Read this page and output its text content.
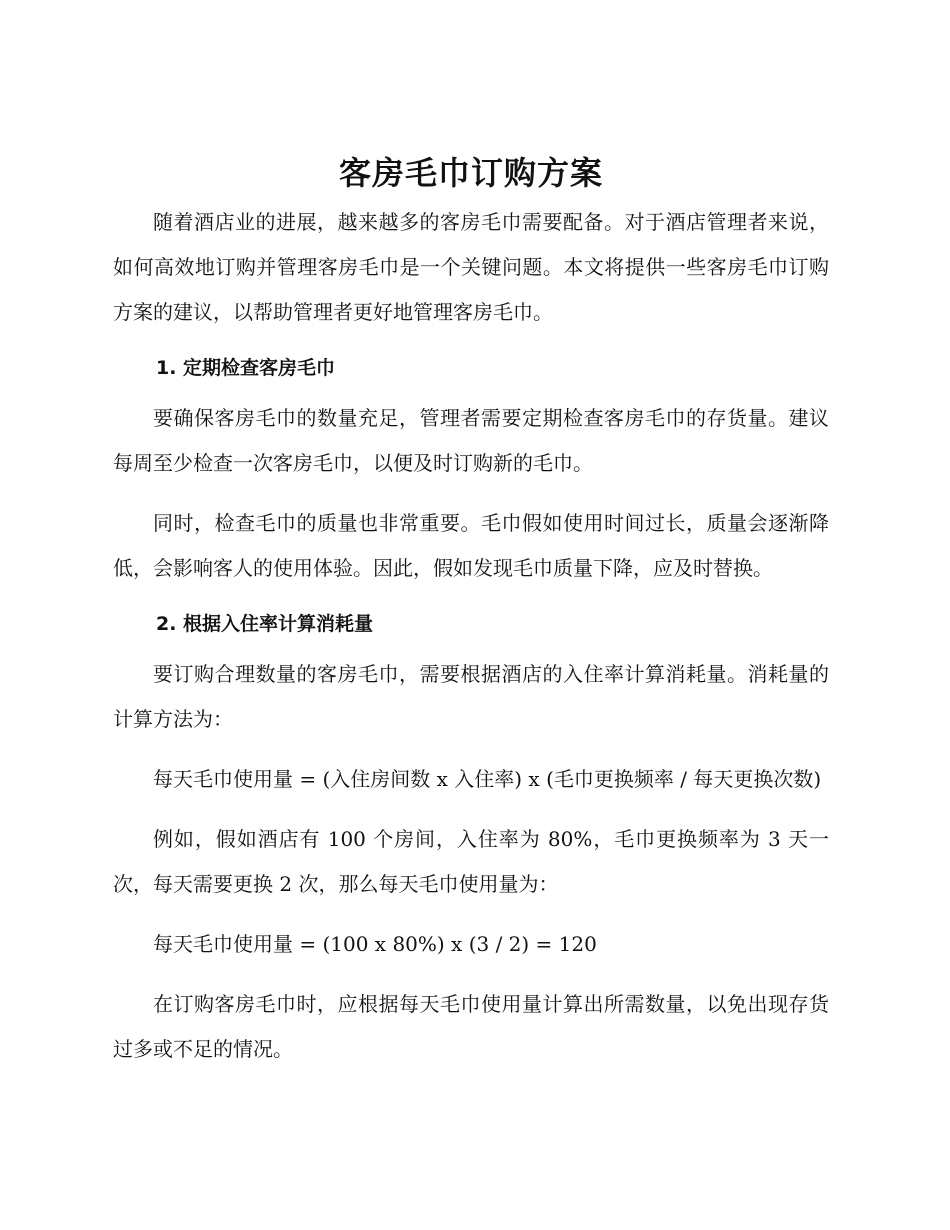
客房毛巾订购方案

随着酒店业的进展，越来越多的客房毛巾需要配备。对于酒店管理者来说，如何高效地订购并管理客房毛巾是一个关键问题。本文将提供一些客房毛巾订购方案的建议，以帮助管理者更好地管理客房毛巾。

1. 定期检查客房毛巾

要确保客房毛巾的数量充足，管理者需要定期检查客房毛巾的存货量。建议每周至少检查一次客房毛巾，以便及时订购新的毛巾。

同时，检查毛巾的质量也非常重要。毛巾假如使用时间过长，质量会逐渐降低，会影响客人的使用体验。因此，假如发现毛巾质量下降，应及时替换。

2. 根据入住率计算消耗量

要订购合理数量的客房毛巾，需要根据酒店的入住率计算消耗量。消耗量的计算方法为：

每天毛巾使用量 = (入住房间数 x 入住率) x (毛巾更换频率 / 每天更换次数)

例如，假如酒店有 100 个房间，入住率为 80%，毛巾更换频率为 3 天一次，每天需要更换 2 次，那么每天毛巾使用量为：

每天毛巾使用量 = (100 x 80%) x (3 / 2) = 120

在订购客房毛巾时，应根据每天毛巾使用量计算出所需数量，以免出现存货过多或不足的情况。
